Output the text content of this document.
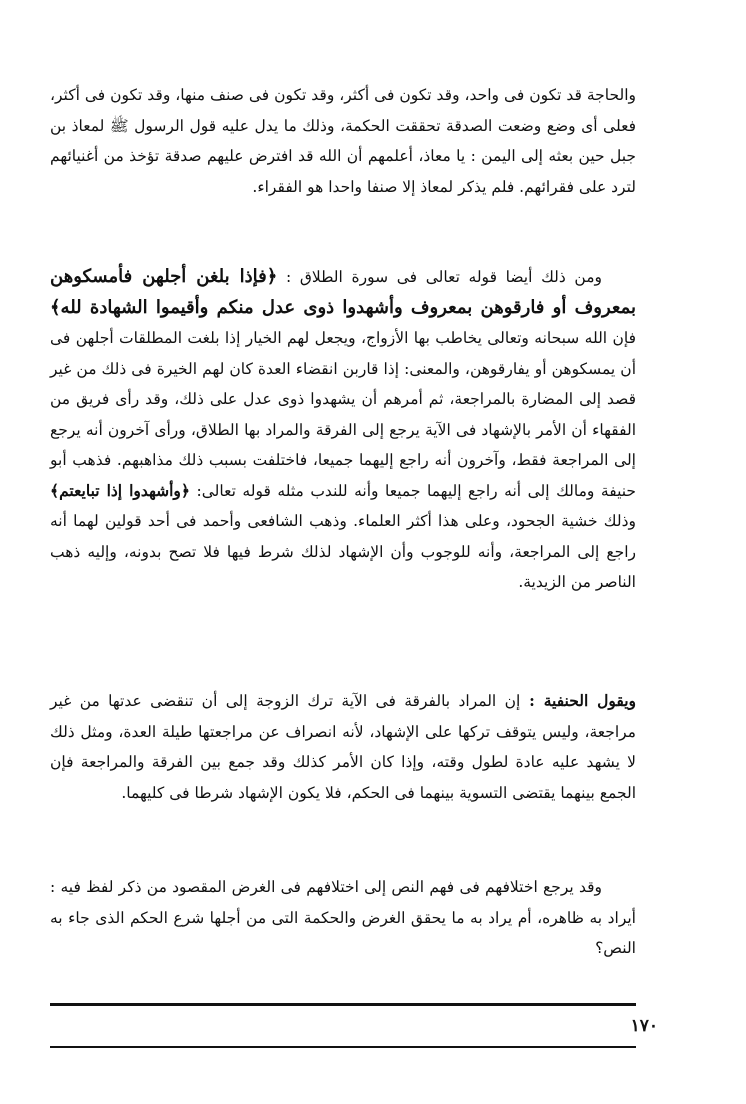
والحاجة قد تكون فى واحد، وقد تكون فى أكثر، وقد تكون فى صنف منها، وقد تكون فى أكثر، فعلى أى وضع وضعت الصدقة تحققت الحكمة، وذلك ما يدل عليه قول الرسول ﷺ لمعاذ بن جبل حين بعثه إلى اليمن : يا معاذ، أعلمهم أن الله قد افترض عليهم صدقة تؤخذ من أغنيائهم لترد على فقرائهم. فلم يذكر لمعاذ إلا صنفا واحدا هو الفقراء.

ومن ذلك أيضا قوله تعالى فى سورة الطلاق : ﴿فإذا بلغن أجلهن فأمسكوهن بمعروف أو فارقوهن بمعروف وأشهدوا ذوى عدل منكم وأقيموا الشهادة لله﴾ فإن الله سبحانه وتعالى يخاطب بها الأزواج، ويجعل لهم الخيار إذا بلغت المطلقات أجلهن فى أن يمسكوهن أو يفارقوهن، والمعنى: إذا قاربن انقضاء العدة كان لهم الخيرة فى ذلك من غير قصد إلى المضارة بالمراجعة، ثم أمرهم أن يشهدوا ذوى عدل على ذلك، وقد رأى فريق من الفقهاء أن الأمر بالإشهاد فى الآية يرجع إلى الفرقة والمراد بها الطلاق، ورأى آخرون أنه يرجع إلى المراجعة فقط، وآخرون أنه راجع إليهما جميعا، فاختلفت بسبب ذلك مذاهبهم. فذهب أبو حنيفة ومالك إلى أنه راجع إليهما جميعا وأنه للندب مثله قوله تعالى: ﴿وأشهدوا إذا تبايعتم﴾ وذلك خشية الجحود، وعلى هذا أكثر العلماء. وذهب الشافعى وأحمد فى أحد قولين لهما أنه راجع إلى المراجعة، وأنه للوجوب وأن الإشهاد لذلك شرط فيها فلا تصح بدونه، وإليه ذهب الناصر من الزيدية.

ويقول الحنفية : إن المراد بالفرقة فى الآية ترك الزوجة إلى أن تنقضى عدتها من غير مراجعة، وليس يتوقف تركها على الإشهاد، لأنه انصراف عن مراجعتها طيلة العدة، ومثل ذلك لا يشهد عليه عادة لطول وقته، وإذا كان الأمر كذلك وقد جمع بين الفرقة والمراجعة فإن الجمع بينهما يقتضى التسوية بينهما فى الحكم، فلا يكون الإشهاد شرطا فى كليهما.

وقد يرجع اختلافهم فى فهم النص إلى اختلافهم فى الغرض المقصود من ذكر لفظ فيه : أيراد به ظاهره، أم يراد به ما يحقق الغرض والحكمة التى من أجلها شرع الحكم الذى جاء به النص؟

١٧٠
